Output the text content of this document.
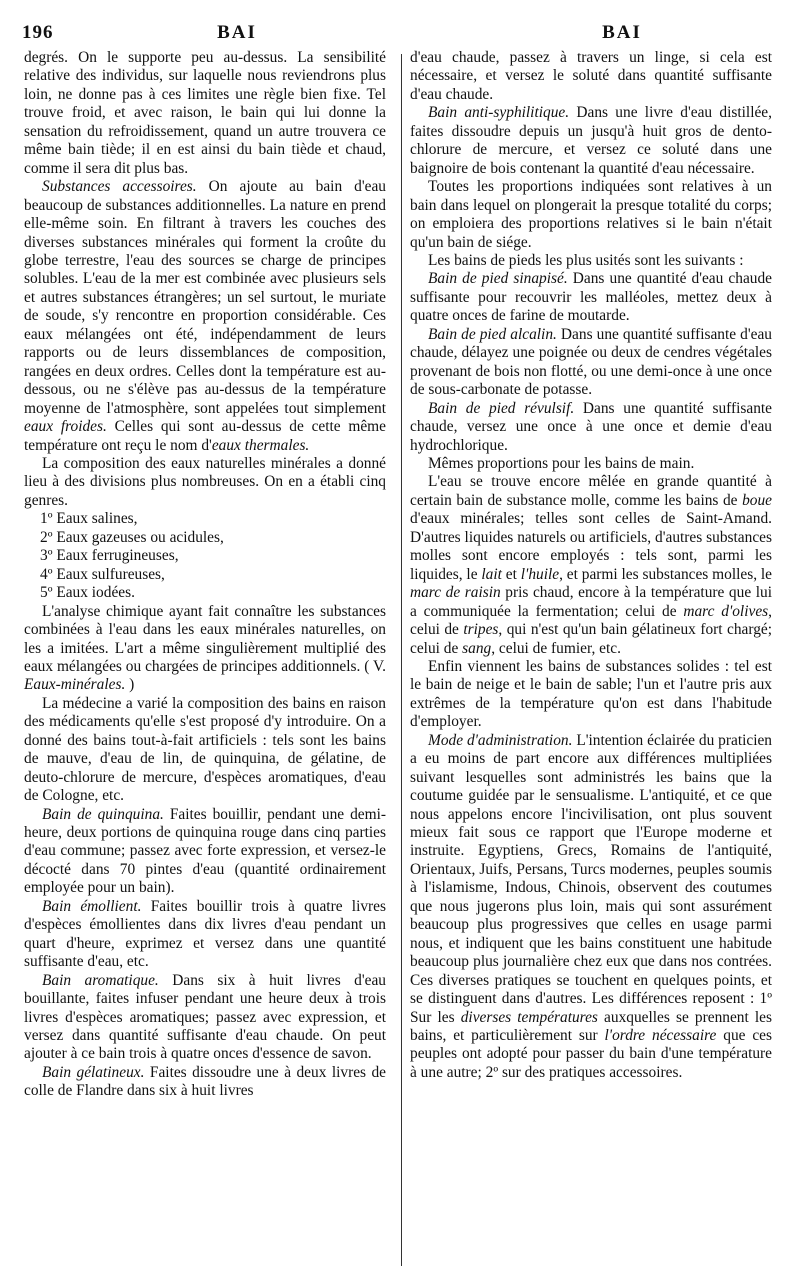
196	BAI	BAI

degrés. On le supporte peu au-dessus. La sensibilité relative des individus, sur laquelle nous reviendrons plus loin, ne donne pas à ces limites une règle bien fixe. Tel trouve froid, et avec raison, le bain qui lui donne la sensation du refroidissement, quand un autre trouvera ce même bain tiède; il en est ainsi du bain tiède et chaud, comme il sera dit plus bas.

Substances accessoires. On ajoute au bain d'eau beaucoup de substances additionnelles. La nature en prend elle-même soin. En filtrant à travers les couches des diverses substances minérales qui forment la croûte du globe terrestre, l'eau des sources se charge de principes solubles. L'eau de la mer est combinée avec plusieurs sels et autres substances étrangères; un sel surtout, le muriate de soude, s'y rencontre en proportion considérable. Ces eaux mélangées ont été, indépendamment de leurs rapports ou de leurs dissemblances de composition, rangées en deux ordres. Celles dont la température est au-dessous, ou ne s'élève pas au-dessus de la température moyenne de l'atmosphère, sont appelées tout simplement eaux froides. Celles qui sont au-dessus de cette même température ont reçu le nom d'eaux thermales.

La composition des eaux naturelles minérales a donné lieu à des divisions plus nombreuses. On en a établi cinq genres.

1º Eaux salines,
2º Eaux gazeuses ou acidules,
3º Eaux ferrugineuses,
4º Eaux sulfureuses,
5º Eaux iodées.

L'analyse chimique ayant fait connaître les substances combinées à l'eau dans les eaux minérales naturelles, on les a imitées. L'art a même singulièrement multiplié des eaux mélangées ou chargées de principes additionnels. ( V. Eaux-minérales. )

La médecine a varié la composition des bains en raison des médicaments qu'elle s'est proposé d'y introduire. On a donné des bains tout-à-fait artificiels : tels sont les bains de mauve, d'eau de lin, de quinquina, de gélatine, de deuto-chlorure de mercure, d'espèces aromatiques, d'eau de Cologne, etc.

Bain de quinquina. Faites bouillir, pendant une demi-heure, deux portions de quinquina rouge dans cinq parties d'eau commune; passez avec forte expression, et versez-le décocté dans 70 pintes d'eau (quantité ordinairement employée pour un bain).

Bain émollient. Faites bouillir trois à quatre livres d'espèces émollientes dans dix livres d'eau pendant un quart d'heure, exprimez et versez dans une quantité suffisante d'eau, etc.

Bain aromatique. Dans six à huit livres d'eau bouillante, faites infuser pendant une heure deux à trois livres d'espèces aromatiques; passez avec expression, et versez dans quantité suffisante d'eau chaude. On peut ajouter à ce bain trois à quatre onces d'essence de savon.

Bain gélatineux. Faites dissoudre une à deux livres de colle de Flandre dans six à huit livres

d'eau chaude, passez à travers un linge, si cela est nécessaire, et versez le soluté dans quantité suffisante d'eau chaude.

Bain anti-syphilitique. Dans une livre d'eau distillée, faites dissoudre depuis un jusqu'à huit gros de dento-chlorure de mercure, et versez ce soluté dans une baignoire de bois contenant la quantité d'eau nécessaire.

Toutes les proportions indiquées sont relatives à un bain dans lequel on plongerait la presque totalité du corps; on emploiera des proportions relatives si le bain n'était qu'un bain de siége.

Les bains de pieds les plus usités sont les suivants :

Bain de pied sinapisé. Dans une quantité d'eau chaude suffisante pour recouvrir les malléoles, mettez deux à quatre onces de farine de moutarde.

Bain de pied alcalin. Dans une quantité suffisante d'eau chaude, délayez une poignée ou deux de cendres végétales provenant de bois non flotté, ou une demi-once à une once de sous-carbonate de potasse.

Bain de pied révulsif. Dans une quantité suffisante chaude, versez une once à une once et demie d'eau hydrochlorique.

Mêmes proportions pour les bains de main.

L'eau se trouve encore mêlée en grande quantité à certain bain de substance molle, comme les bains de boue d'eaux minérales; telles sont celles de Saint-Amand. D'autres liquides naturels ou artificiels, d'autres substances molles sont encore employés : tels sont, parmi les liquides, le lait et l'huile, et parmi les substances molles, le marc de raisin pris chaud, encore à la température que lui a communiquée la fermentation; celui de marc d'olives, celui de tripes, qui n'est qu'un bain gélatineux fort chargé; celui de sang, celui de fumier, etc.

Enfin viennent les bains de substances solides : tel est le bain de neige et le bain de sable; l'un et l'autre pris aux extrêmes de la température qu'on est dans l'habitude d'employer.

Mode d'administration. L'intention éclairée du praticien a eu moins de part encore aux différences multipliées suivant lesquelles sont administrés les bains que la coutume guidée par le sensualisme. L'antiquité, et ce que nous appelons encore l'incivilisation, ont plus souvent mieux fait sous ce rapport que l'Europe moderne et instruite. Egyptiens, Grecs, Romains de l'antiquité, Orientaux, Juifs, Persans, Turcs modernes, peuples soumis à l'islamisme, Indous, Chinois, observent des coutumes que nous jugerons plus loin, mais qui sont assurément beaucoup plus progressives que celles en usage parmi nous, et indiquent que les bains constituent une habitude beaucoup plus journalière chez eux que dans nos contrées. Ces diverses pratiques se touchent en quelques points, et se distinguent dans d'autres. Les différences reposent : 1º Sur les diverses températures auxquelles se prennent les bains, et particulièrement sur l'ordre nécessaire que ces peuples ont adopté pour passer du bain d'une température à une autre; 2º sur des pratiques accessoires.
